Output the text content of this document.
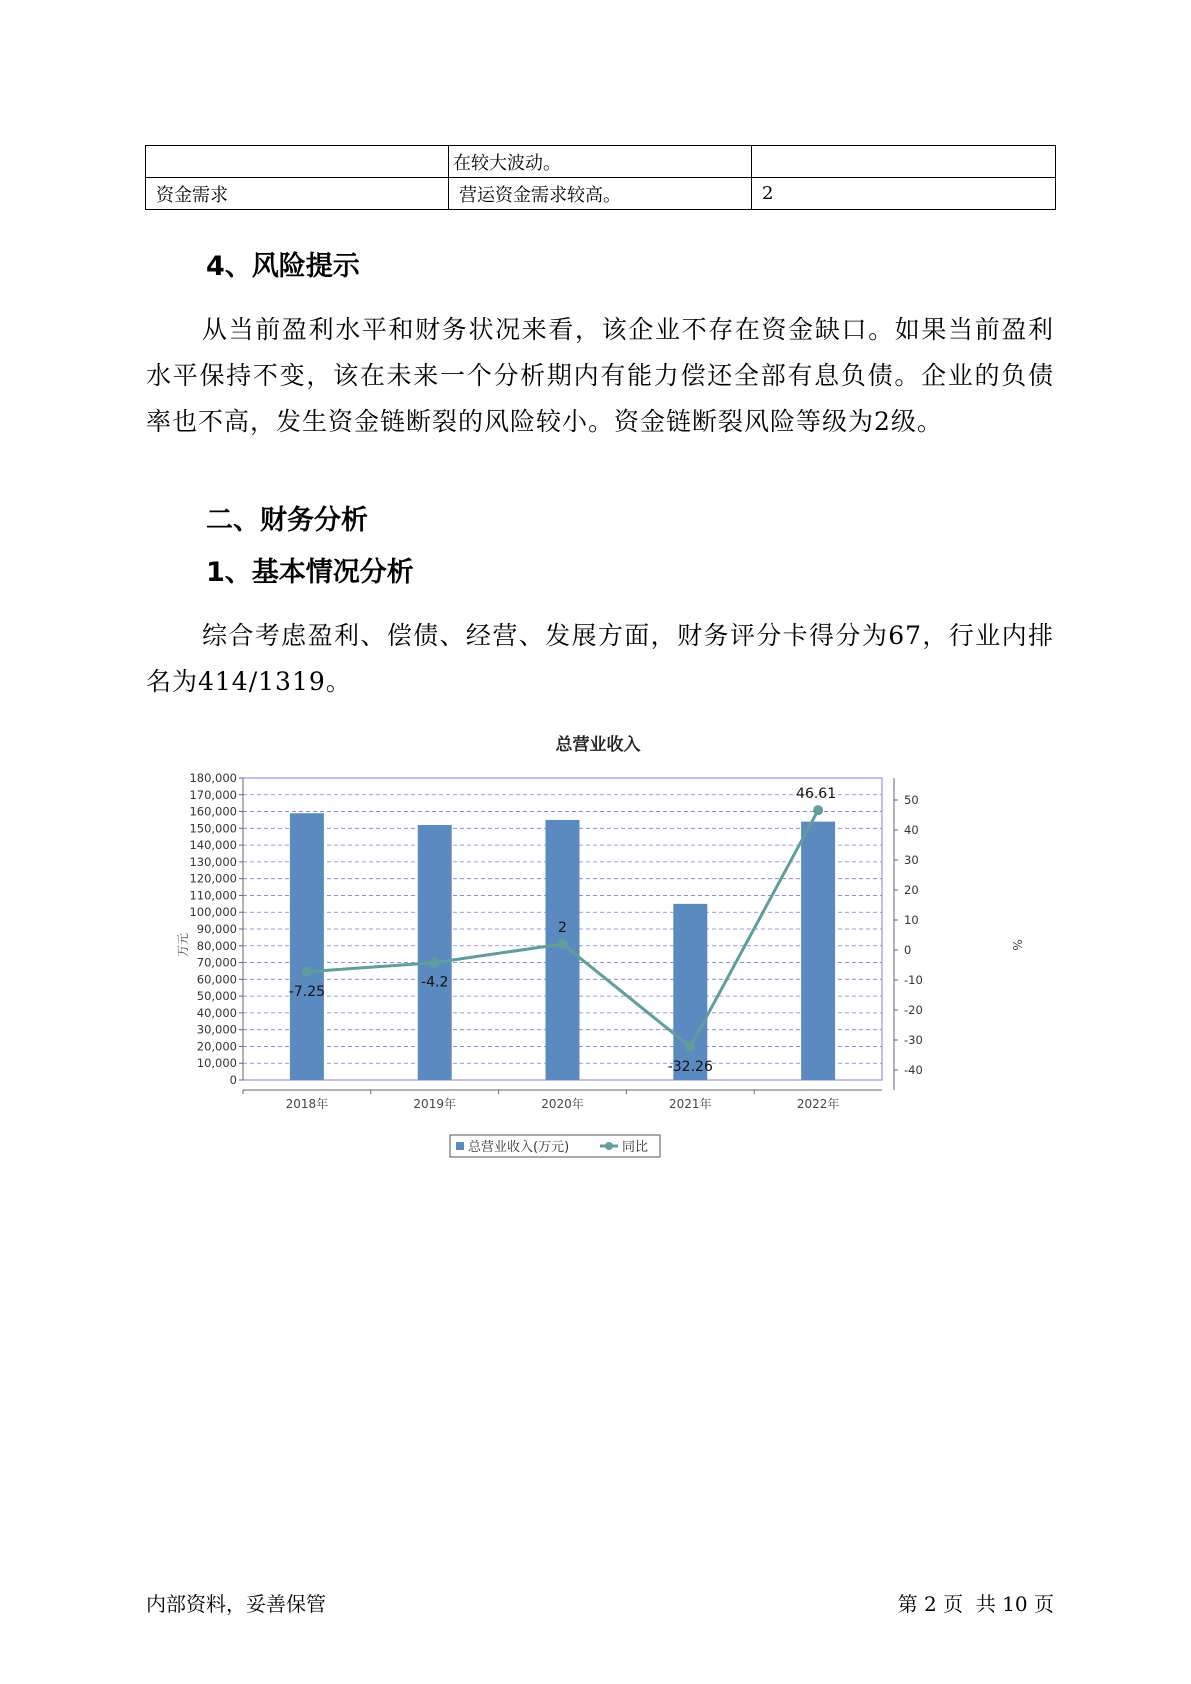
	在较大波动。	
资金需求	营运资金需求较高。	2
4、风险提示

从当前盈利水平和财务状况来看，该企业不存在资金缺口。如果当前盈利水平保持不变，该在未来一个分析期内有能力偿还全部有息负债。企业的负债率也不高，发生资金链断裂的风险较小。资金链断裂风险等级为2级。

二、财务分析
1、基本情况分析

综合考虑盈利、偿债、经营、发展方面，财务评分卡得分为67，行业内排名为414/1319。

总营业收入
万元	%
0
10,000
20,000
30,000
40,000
50,000
60,000
70,000
80,000
90,000
100,000
110,000
120,000
130,000
140,000
150,000
160,000
170,000
180,000
-40
-30
-20
-10
0
10
20
30
40
50
2018年	2019年	2020年	2021年	2022年
-7.25
-4.2
2
-32.26
46.61
总营业收入(万元)	同比
内部资料，妥善保管	第 2 页  共 10 页
